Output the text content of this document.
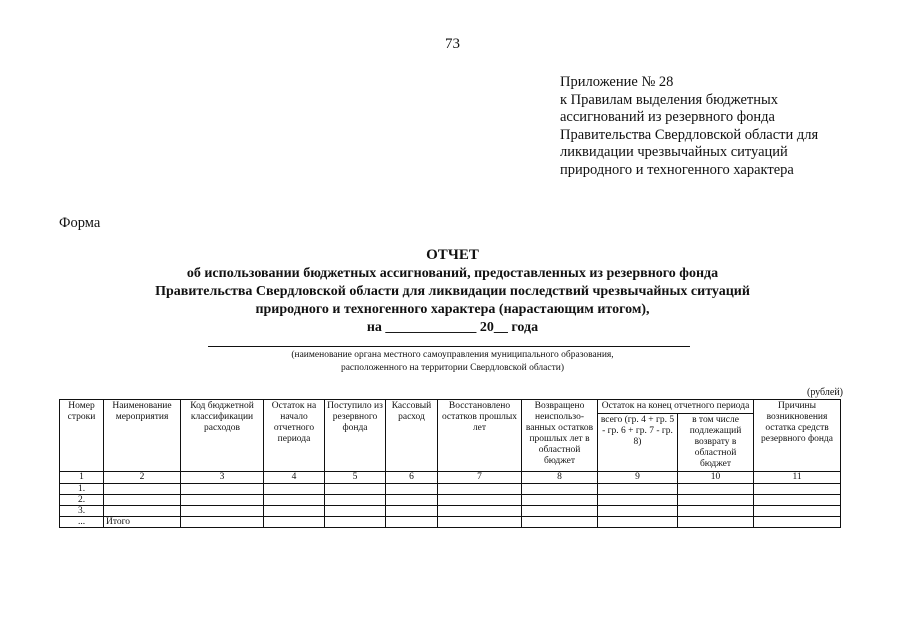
73
Приложение № 28
к Правилам выделения бюджетных
ассигнований из резервного фонда
Правительства Свердловской области для
ликвидации чрезвычайных ситуаций
природного и техногенного характера
Форма
ОТЧЕТ
об использовании бюджетных ассигнований, предоставленных из резервного фонда
Правительства Свердловской области для ликвидации последствий чрезвычайных ситуаций
природного и техногенного характера (нарастающим итогом),
на _____________ 20__ года
(наименование органа местного самоуправления муниципального образования,
расположенного на территории Свердловской области)
(рублей)
Номер строки	Наименование мероприятия	Код бюджетной классификации расходов	Остаток на начало отчетного периода	Поступило из резервного фонда	Кассовый расход	Восстановлено остатков прошлых лет	Возвращено неиспользо-ванных остатков прошлых лет в областной бюджет	Остаток на конец отчетного периода		Причины возникновения остатка средств резервного фонда
								всего (гр. 4 + гр. 5 - гр. 6 + гр. 7 - гр. 8)	в том числе подлежащий возврату в областной бюджет	
1	2	3	4	5	6	7	8	9	10	11
1.										
2.										
3.										
...	Итого									
